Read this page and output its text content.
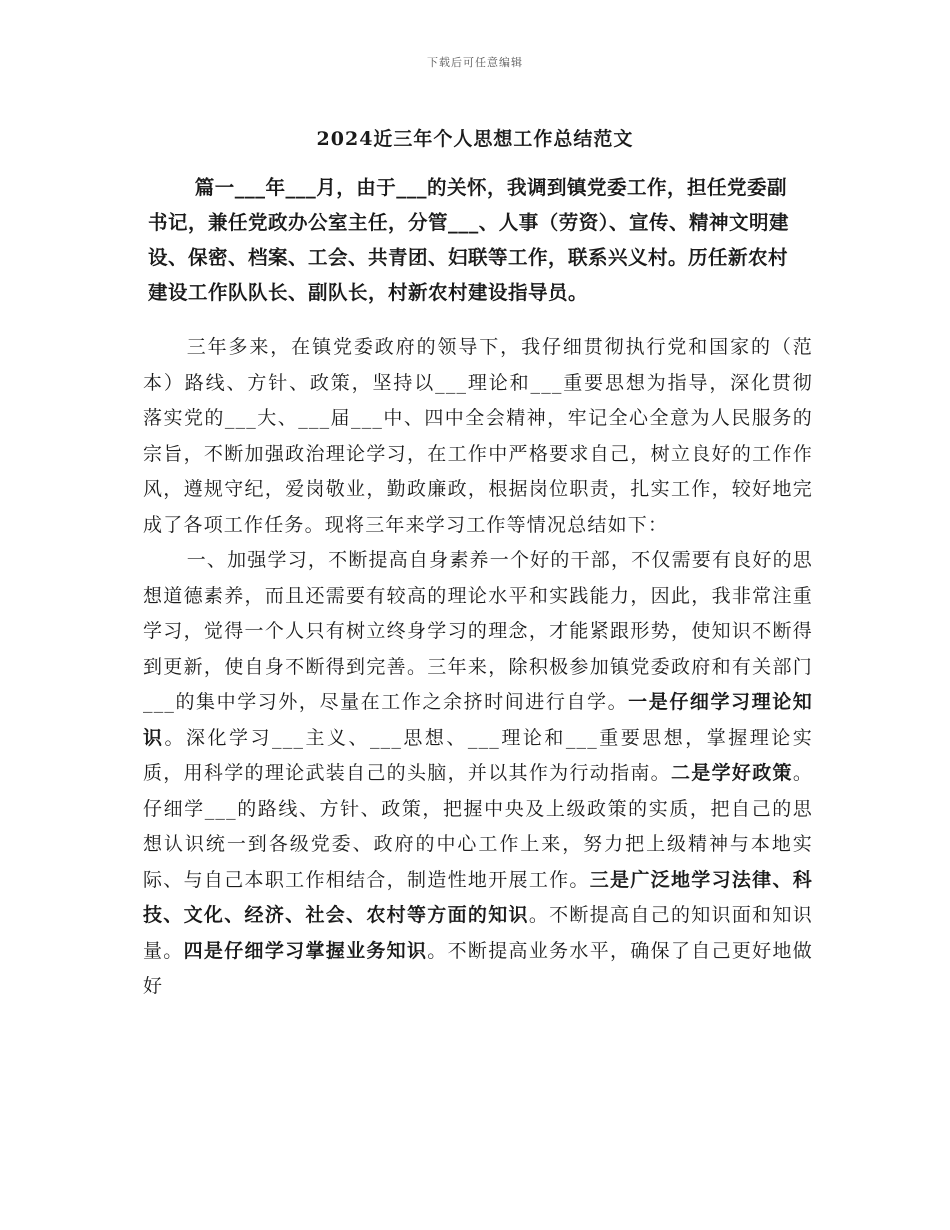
下载后可任意编辑
2024近三年个人思想工作总结范文
篇一___年___月，由于___的关怀，我调到镇党委工作，担任党委副书记，兼任党政办公室主任，分管___、人事（劳资）、宣传、精神文明建设、保密、档案、工会、共青团、妇联等工作，联系兴义村。历任新农村建设工作队队长、副队长，村新农村建设指导员。

三年多来，在镇党委政府的领导下，我仔细贯彻执行党和国家的（范本）路线、方针、政策，坚持以___理论和___重要思想为指导，深化贯彻落实党的___大、___届___中、四中全会精神，牢记全心全意为人民服务的宗旨，不断加强政治理论学习，在工作中严格要求自己，树立良好的工作作风，遵规守纪，爱岗敬业，勤政廉政，根据岗位职责，扎实工作，较好地完成了各项工作任务。现将三年来学习工作等情况总结如下：

一、加强学习，不断提高自身素养一个好的干部，不仅需要有良好的思想道德素养，而且还需要有较高的理论水平和实践能力，因此，我非常注重学习，觉得一个人只有树立终身学习的理念，才能紧跟形势，使知识不断得到更新，使自身不断得到完善。三年来，除积极参加镇党委政府和有关部门___的集中学习外，尽量在工作之余挤时间进行自学。一是仔细学习理论知识。深化学习___主义、___思想、___理论和___重要思想，掌握理论实质，用科学的理论武装自己的头脑，并以其作为行动指南。二是学好政策。仔细学___的路线、方针、政策，把握中央及上级政策的实质，把自己的思想认识统一到各级党委、政府的中心工作上来，努力把上级精神与本地实际、与自己本职工作相结合，制造性地开展工作。三是广泛地学习法律、科技、文化、经济、社会、农村等方面的知识。不断提高自己的知识面和知识量。四是仔细学习掌握业务知识。不断提高业务水平，确保了自己更好地做好
